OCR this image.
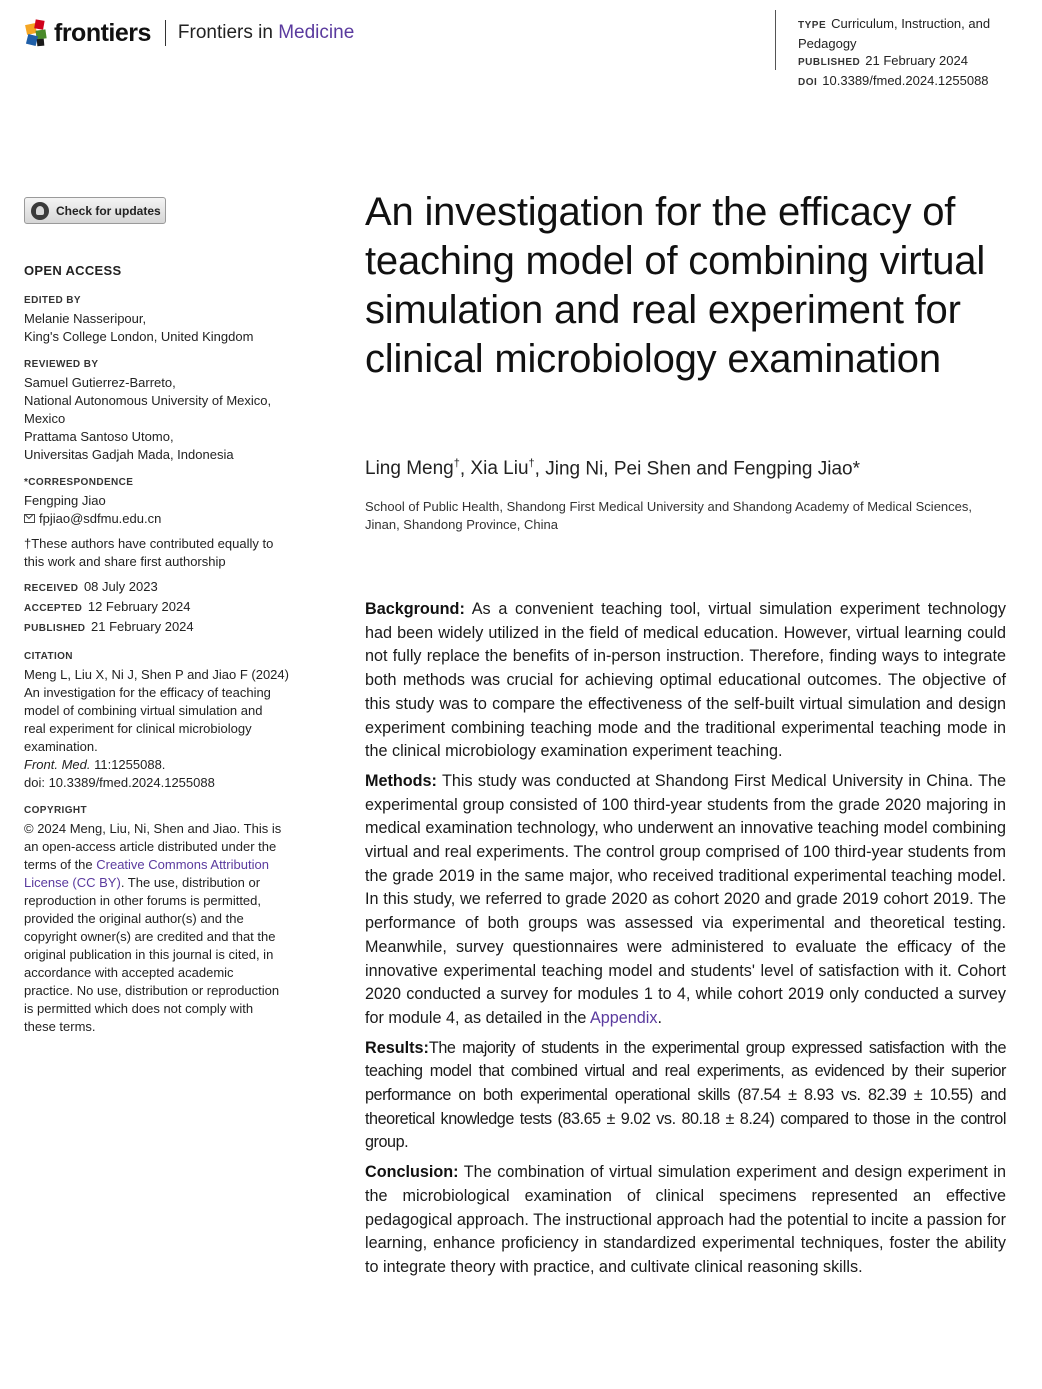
frontiers Frontiers in Medicine	TYPE Curriculum, Instruction, and Pedagogy
PUBLISHED 21 February 2024
DOI 10.3389/fmed.2024.1255088
Check for updates
OPEN ACCESS
EDITED BY
Melanie Nasseripour,
King's College London, United Kingdom
REVIEWED BY
Samuel Gutierrez-Barreto,
National Autonomous University of Mexico,
Mexico
Prattama Santoso Utomo,
Universitas Gadjah Mada, Indonesia
*CORRESPONDENCE
Fengping Jiao
fpjiao@sdfmu.edu.cn
†These authors have contributed equally to
this work and share first authorship
RECEIVED 08 July 2023
ACCEPTED 12 February 2024
PUBLISHED 21 February 2024
CITATION
Meng L, Liu X, Ni J, Shen P and Jiao F (2024)
An investigation for the efficacy of teaching
model of combining virtual simulation and
real experiment for clinical microbiology
examination.
Front. Med. 11:1255088.
doi: 10.3389/fmed.2024.1255088
COPYRIGHT
© 2024 Meng, Liu, Ni, Shen and Jiao. This is
an open-access article distributed under the
terms of the Creative Commons Attribution
License (CC BY). The use, distribution or
reproduction in other forums is permitted,
provided the original author(s) and the
copyright owner(s) are credited and that the
original publication in this journal is cited, in
accordance with accepted academic
practice. No use, distribution or reproduction
is permitted which does not comply with
these terms.
An investigation for the efficacy of teaching model of combining virtual simulation and real experiment for clinical microbiology examination
Ling Meng†, Xia Liu†, Jing Ni, Pei Shen and Fengping Jiao*
School of Public Health, Shandong First Medical University and Shandong Academy of Medical Sciences, Jinan, Shandong Province, China

Background: As a convenient teaching tool, virtual simulation experiment technology had been widely utilized in the field of medical education. However, virtual learning could not fully replace the benefits of in-person instruction. Therefore, finding ways to integrate both methods was crucial for achieving optimal educational outcomes. The objective of this study was to compare the effectiveness of the self-built virtual simulation and design experiment combining teaching mode and the traditional experimental teaching mode in the clinical microbiology examination experiment teaching.

Methods: This study was conducted at Shandong First Medical University in China. The experimental group consisted of 100 third-year students from the grade 2020 majoring in medical examination technology, who underwent an innovative teaching model combining virtual and real experiments. The control group comprised of 100 third-year students from the grade 2019 in the same major, who received traditional experimental teaching model. In this study, we referred to grade 2020 as cohort 2020 and grade 2019 cohort 2019. The performance of both groups was assessed via experimental and theoretical testing. Meanwhile, survey questionnaires were administered to evaluate the efficacy of the innovative experimental teaching model and students' level of satisfaction with it. Cohort 2020 conducted a survey for modules 1 to 4, while cohort 2019 only conducted a survey for module 4, as detailed in the Appendix.

Results:The majority of students in the experimental group expressed satisfaction with the teaching model that combined virtual and real experiments, as evidenced by their superior performance on both experimental operational skills (87.54 ± 8.93 vs. 82.39 ± 10.55) and theoretical knowledge tests (83.65 ± 9.02 vs. 80.18 ± 8.24) compared to those in the control group.

Conclusion: The combination of virtual simulation experiment and design experiment in the microbiological examination of clinical specimens represented an effective pedagogical approach. The instructional approach had the potential to incite a passion for learning, enhance proficiency in standardized experimental techniques, foster the ability to integrate theory with practice, and cultivate clinical reasoning skills.
